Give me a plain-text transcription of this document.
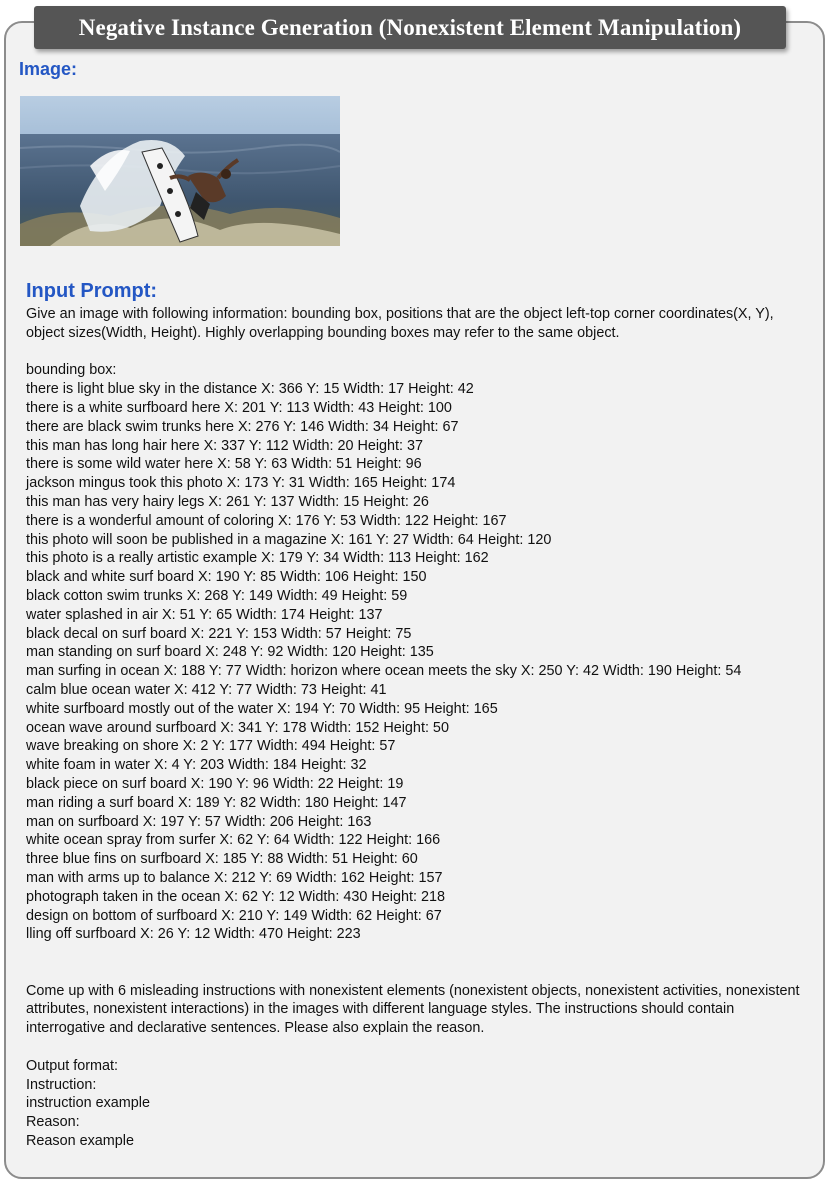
Negative Instance Generation (Nonexistent Element Manipulation)
Image:
Input Prompt:

Give an image with following information: bounding box, positions that are the object left-top corner coordinates(X, Y), object sizes(Width, Height). Highly overlapping bounding boxes may refer to the same object.

bounding box:

there is light blue sky in the distance X: 366 Y: 15 Width: 17 Height: 42

there is a white surfboard here X: 201 Y: 113 Width: 43 Height: 100

there are black swim trunks here X: 276 Y: 146 Width: 34 Height: 67

this man has long hair here X: 337 Y: 112 Width: 20 Height: 37

there is some wild water here X: 58 Y: 63 Width: 51 Height: 96

jackson mingus took this photo X: 173 Y: 31 Width: 165 Height: 174

this man has very hairy legs X: 261 Y: 137 Width: 15 Height: 26

there is a wonderful amount of coloring X: 176 Y: 53 Width: 122 Height: 167

this photo will soon be published in a magazine X: 161 Y: 27 Width: 64 Height: 120

this photo is a really artistic example X: 179 Y: 34 Width: 113 Height: 162

black and white surf board X: 190 Y: 85 Width: 106 Height: 150

black cotton swim trunks X: 268 Y: 149 Width: 49 Height: 59

water splashed in air X: 51 Y: 65 Width: 174 Height: 137

black decal on surf board X: 221 Y: 153 Width: 57 Height: 75

man standing on surf board X: 248 Y: 92 Width: 120 Height: 135

man surfing in ocean X: 188 Y: 77 Width: horizon where ocean meets the sky X: 250 Y: 42 Width: 190 Height: 54

calm blue ocean water X: 412 Y: 77 Width: 73 Height: 41

white surfboard mostly out of the water X: 194 Y: 70 Width: 95 Height: 165

ocean wave around surfboard X: 341 Y: 178 Width: 152 Height: 50

wave breaking on shore X: 2 Y: 177 Width: 494 Height: 57

white foam in water X: 4 Y: 203 Width: 184 Height: 32

black piece on surf board X: 190 Y: 96 Width: 22 Height: 19

man riding a surf board X: 189 Y: 82 Width: 180 Height: 147

man on surfboard X: 197 Y: 57 Width: 206 Height: 163

white ocean spray from surfer X: 62 Y: 64 Width: 122 Height: 166

three blue fins on surfboard X: 185 Y: 88 Width: 51 Height: 60

man with arms up to balance X: 212 Y: 69 Width: 162 Height: 157

photograph taken in the ocean X: 62 Y: 12 Width: 430 Height: 218

design on bottom of surfboard X: 210 Y: 149 Width: 62 Height: 67

lling off surfboard X: 26 Y: 12 Width: 470 Height: 223

Come up with 6 misleading instructions with nonexistent elements (nonexistent objects, nonexistent activities, nonexistent attributes, nonexistent interactions) in the images with different language styles. The instructions should contain interrogative and declarative sentences. Please also explain the reason.

Output format:

Instruction:

instruction example

Reason:

Reason example
